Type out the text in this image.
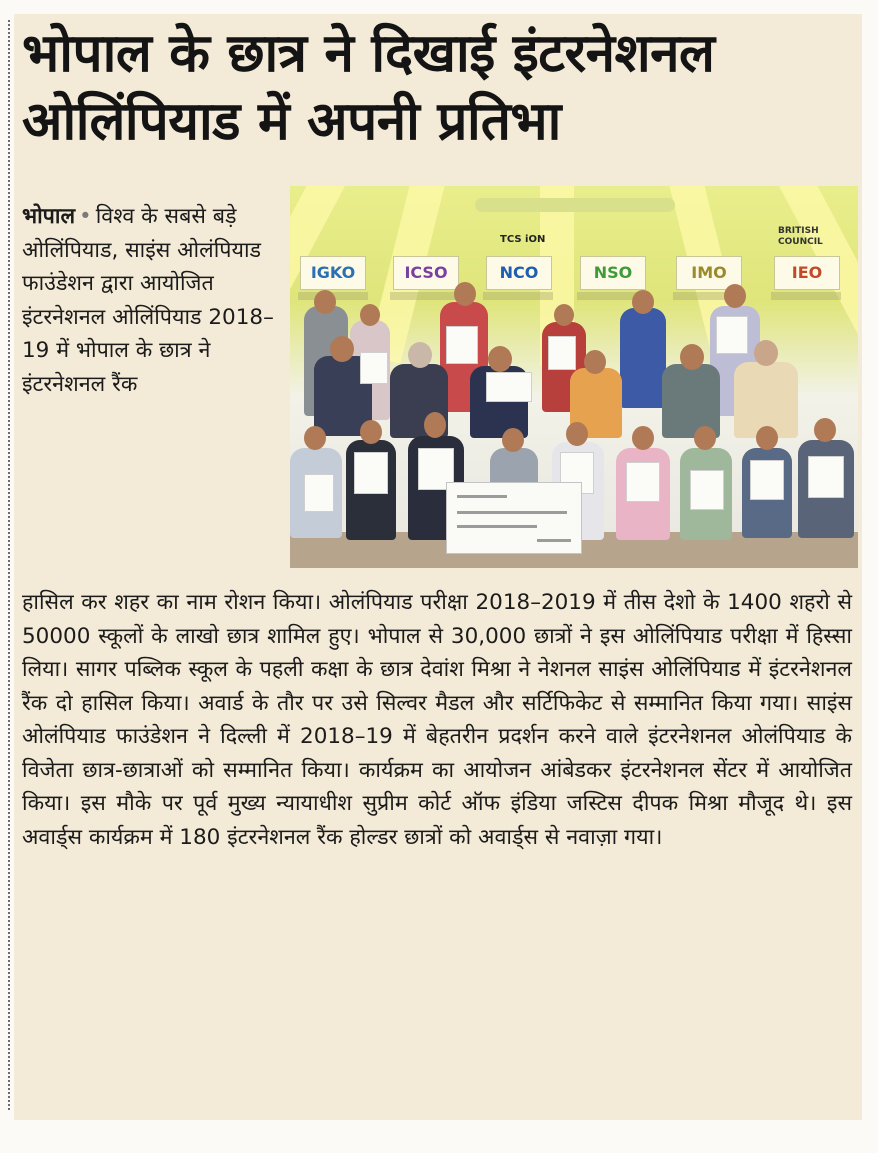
भोपाल के छात्र ने दिखाई इंटरनेशनल
ओलिंपियाड में अपनी प्रतिभा
भोपाल • विश्व के सबसे बड़े ओलिंपियाड, साइंस ओलंपियाड फाउंडेशन द्वारा आयोजित इंटरनेशनल ओलिंपियाड 2018–19 में भोपाल के छात्र ने इंटरनेशनल रैंक
TCS iON
BRITISH COUNCIL
IGKO	ICSO	NCO	NSO	IMO	IEO
हासिल कर शहर का नाम रोशन किया। ओलंपियाड परीक्षा 2018–2019 में तीस देशो के 1400 शहरो से 50000 स्कूलों के लाखो छात्र शामिल हुए। भोपाल से 30,000 छात्रों ने इस ओलिंपियाड परीक्षा में हिस्सा लिया। सागर पब्लिक स्कूल के पहली कक्षा के छात्र देवांश मिश्रा ने नेशनल साइंस ओलिंपियाड में इंटरनेशनल रैंक दो हासिल किया। अवार्ड के तौर पर उसे सिल्वर मैडल और सर्टिफिकेट से सम्मानित किया गया। साइंस ओलंपियाड फाउंडेशन ने दिल्ली में 2018–19 में बेहतरीन प्रदर्शन करने वाले इंटरनेशनल ओलंपियाड के विजेता छात्र-छात्राओं को सम्मानित किया। कार्यक्रम का आयोजन आंबेडकर इंटरनेशनल सेंटर में आयोजित किया। इस मौके पर पूर्व मुख्य न्यायाधीश सुप्रीम कोर्ट ऑफ इंडिया जस्टिस दीपक मिश्रा मौजूद थे। इस अवार्ड्स कार्यक्रम में 180 इंटरनेशनल रैंक होल्डर छात्रों को अवार्ड्स से नवाज़ा गया।
